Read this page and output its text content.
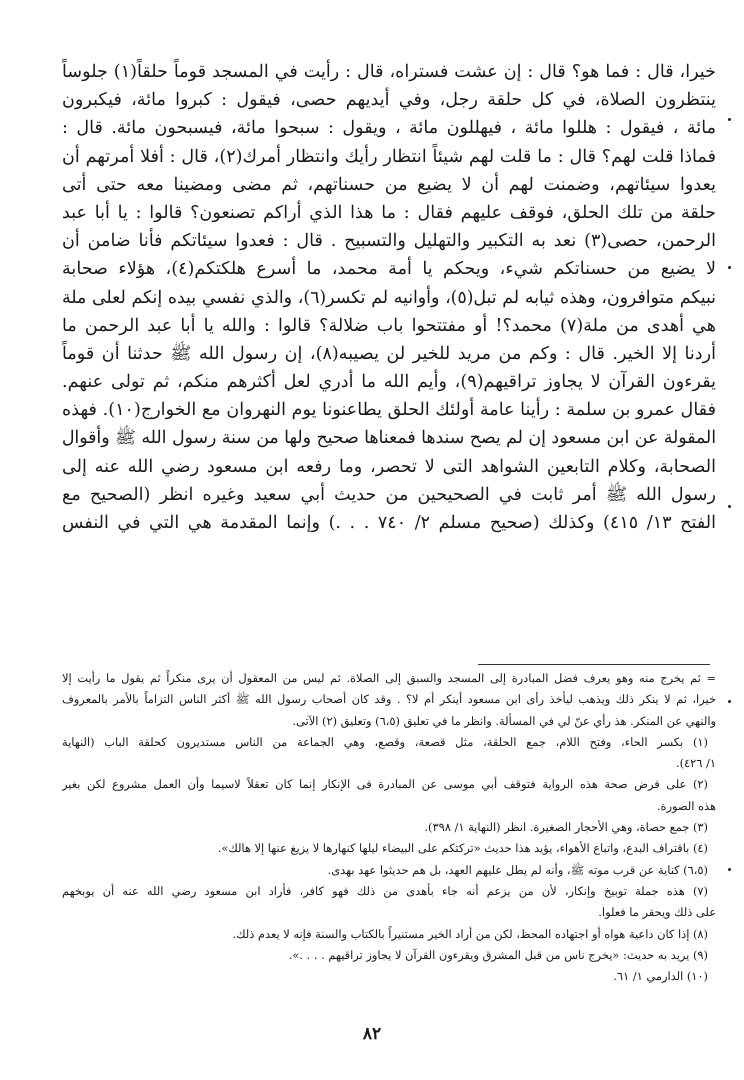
خيرا، قال : فما هو؟ قال : إن عشت فستراه، قال : رأيت في المسجد قوماً حلقاً(١) جلوساً
ينتظرون الصلاة، في كل حلقة رجل، وفي أيديهم حصى، فيقول : كبروا مائة، فيكبرون
مائة ، فيقول : هللوا مائة ، فيهللون مائة ، ويقول : سبحوا مائة، فيسبحون مائة. قال :
فماذا قلت لهم؟ قال : ما قلت لهم شيئاً انتظار رأيك وانتظار أمرك(٢)، قال : أفلا أمرتهم أن
يعدوا سيئاتهم، وضمنت لهم أن لا يضيع من حسناتهم، ثم مضى ومضينا معه حتى أتى
حلقة من تلك الحلق، فوقف عليهم فقال : ما هذا الذي أراكم تصنعون؟ قالوا : يا أبا عبد
الرحمن، حصى(٣) نعد به التكبير والتهليل والتسبيح . قال : فعدوا سيئاتكم فأنا ضامن أن
لا يضيع من حسناتكم شيء، ويحكم يا أمة محمد، ما أسرع هلكتكم(٤)، هؤلاء صحابة
نبيكم متوافرون، وهذه ثيابه لم تبل(٥)، وأوانيه لم تكسر(٦)، والذي نفسي بيده إنكم لعلى ملة
هي أهدى من ملة(٧) محمد؟! أو مفتتحوا باب ضلالة؟ قالوا : والله يا أبا عبد الرحمن ما
أردنا إلا الخير. قال : وكم من مريد للخير لن يصيبه(٨)، إن رسول الله ﷺ حدثنا أن قوماً
يقرءون القرآن لا يجاوز تراقيهم(٩)، وأيم الله ما أدري لعل أكثرهم منكم، ثم تولى عنهم.
فقال عمرو بن سلمة : رأينا عامة أولئك الحلق يطاعنونا يوم النهروان مع الخوارج(١٠). فهذه
المقولة عن ابن مسعود إن لم يصح سندها فمعناها صحيح ولها من سنة رسول الله ﷺ وأقوال
الصحابة، وكلام التابعين الشواهد التى لا تحصر، وما رفعه ابن مسعود رضي الله عنه إلى
رسول الله ﷺ أمر ثابت في الصحيحين من حديث أبي سعيد وغيره انظر (الصحيح مع
الفتح ١٣/ ٤١٥) وكذلك (صحيح مسلم ٢/ ٧٤٠ . . .) وإنما المقدمة هي التي في النفس
= ثم يخرج منه وهو يعرف فضل المبادرة إلى المسجد والسبق إلى الصلاة. ثم ليس من المعقول أن يرى منكراً ثم يقول ما رأيت إلا
خيرا، ثم لا ينكر ذلك ويذهب ليأخذ رأى ابن مسعود أينكر أم لا؟ . وقد كان أصحاب رسول الله ﷺ أكثر الناس التزاماً بالأمر بالمعروف
والنهي عن المنكر. هذ رأي عنّ لي في المسألة. وانظر ما في تعليق (٦،٥) وتعليق (٢) الآتى.
(١) بكسر الحاء، وفتح اللام، جمع الحلقة، مثل قصعة، وقصع، وهي الجماعة من الناس مستديرون كحلقة الباب (النهاية
١/ ٤٢٦).
(٢) على فرض صحة هذه الرواية فتوقف أبي موسى عن المبادرة فى الإنكار إنما كان تعقلاً لاسيما وأن العمل مشروع لكن بغير
هذه الصورة.
(٣) جمع حصاة، وهي الأحجار الصغيرة. انظر (النهاية ١/ ٣٩٨).
(٤) باقتراف البدع، واتباع الأهواء، يؤيد هذا حديث «تركتكم على البيضاء ليلها كنهارها لا يزيغ عنها إلا هالك».
(٦،٥) كناية عن قرب موته ﷺ، وأنه لم يطل عليهم العهد، بل هم حديثوا عهد بهدى.
(٧) هذه جملة توبيخ وإنكار، لأن من يزعم أنه جاء بأهدى من ذلك فهو كافر، فأراد ابن مسعود رضي الله عنه أن يوبخهم
على ذلك ويحقر ما فعلوا.
(٨) إذا كان داعية هواه أو اجتهاده المحظ، لكن من أراد الخير مستنيراً بالكتاب والسنة فإنه لا يعدم ذلك.
(٩) يريد به حديث: «يخرج ناس من قبل المشرق ويقرءون القرآن لا يجاوز تراقيهم . . . .».
(١٠) الدارمي ١/ ٦١.
٨٢
